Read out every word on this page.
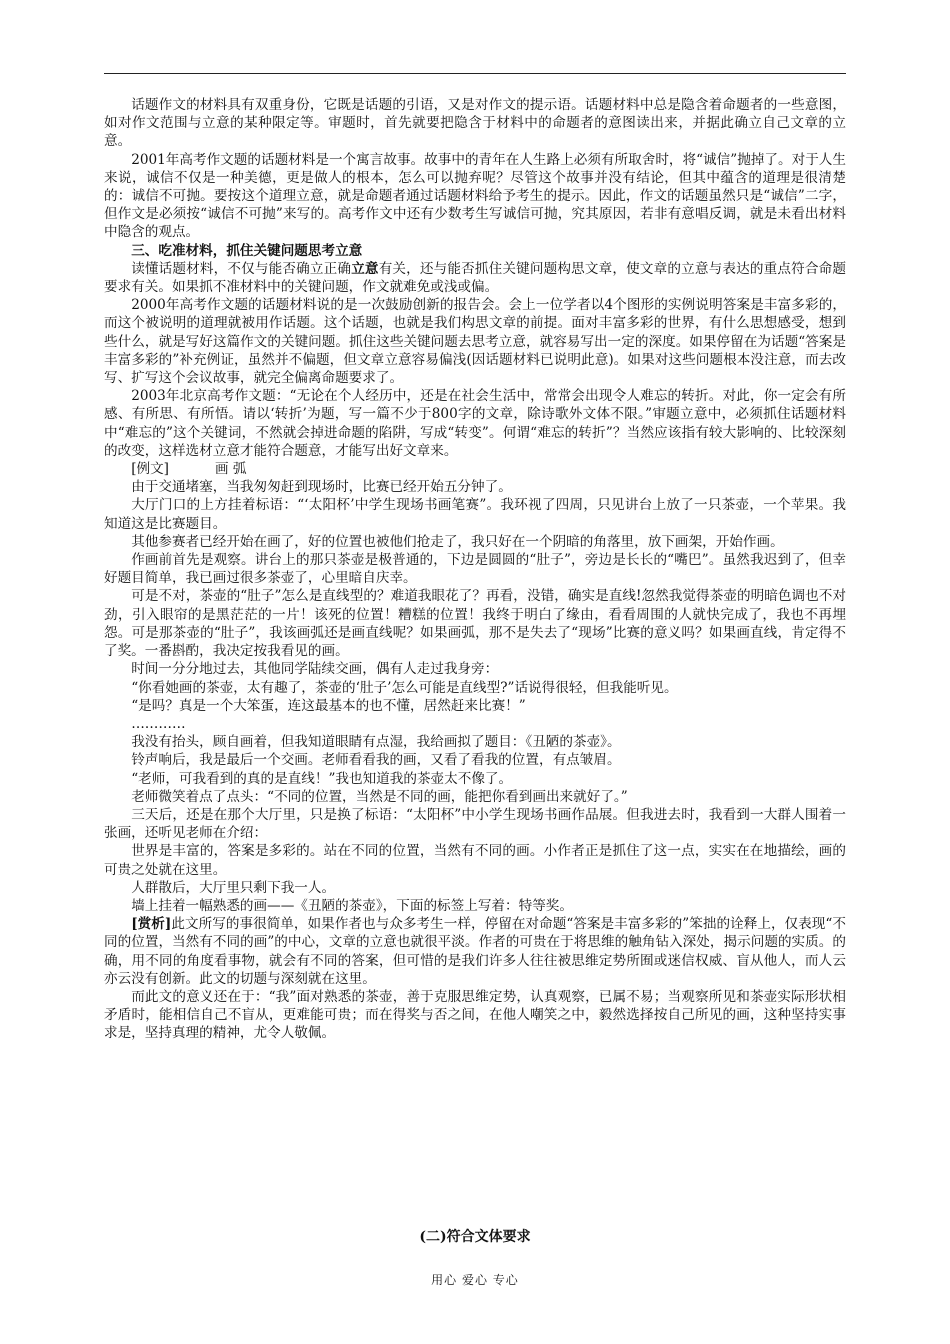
话题作文的材料具有双重身份，它既是话题的引语，又是对作文的提示语。话题材料中总是隐含着命题者的一些意图，如对作文范围与立意的某种限定等。审题时，首先就要把隐含于材料中的命题者的意图读出来，并据此确立自己文章的立意。

2001年高考作文题的话题材料是一个寓言故事。故事中的青年在人生路上必须有所取舍时，将“诚信”抛掉了。对于人生来说，诚信不仅是一种美德，更是做人的根本，怎么可以抛弃呢？尽管这个故事并没有结论，但其中蕴含的道理是很清楚的：诚信不可抛。要按这个道理立意，就是命题者通过话题材料给予考生的提示。因此，作文的话题虽然只是“诚信”二字，但作文是必须按“诚信不可抛”来写的。高考作文中还有少数考生写诚信可抛，究其原因，若非有意唱反调，就是未看出材料中隐含的观点。

三、吃准材料，抓住关键问题思考立意

读懂话题材料，不仅与能否确立正确立意有关，还与能否抓住关键问题构思文章，使文章的立意与表达的重点符合命题要求有关。如果抓不准材料中的关键问题，作文就难免或浅或偏。

2000年高考作文题的话题材料说的是一次鼓励创新的报告会。会上一位学者以4个图形的实例说明答案是丰富多彩的，而这个被说明的道理就被用作话题。这个话题，也就是我们构思文章的前提。面对丰富多彩的世界，有什么思想感受，想到些什么，就是写好这篇作文的关键问题。抓住这些关键问题去思考立意，就容易写出一定的深度。如果停留在为话题“答案是丰富多彩的”补充例证，虽然并不偏题，但文章立意容易偏浅(因话题材料已说明此意)。如果对这些问题根本没注意，而去改写、扩写这个会议故事，就完全偏离命题要求了。

2003年北京高考作文题：“无论在个人经历中，还是在社会生活中，常常会出现令人难忘的转折。对此，你一定会有所感、有所思、有所悟。请以‘转折’为题，写一篇不少于800字的文章，除诗歌外文体不限。”审题立意中，必须抓住话题材料中“难忘的”这个关键词，不然就会掉进命题的陷阱，写成“转变”。何谓“难忘的转折”？当然应该指有较大影响的、比较深刻的改变，这样选材立意才能符合题意，才能写出好文章来。

[例文]	画 弧

由于交通堵塞，当我匆匆赶到现场时，比赛已经开始五分钟了。

大厅门口的上方挂着标语：“‘太阳杯’中学生现场书画笔赛”。我环视了四周，只见讲台上放了一只茶壶，一个苹果。我知道这是比赛题目。

其他参赛者已经开始在画了，好的位置也被他们抢走了，我只好在一个阴暗的角落里，放下画架，开始作画。

作画前首先是观察。讲台上的那只茶壶是极普通的，下边是圆圆的“肚子”，旁边是长长的“嘴巴”。虽然我迟到了，但幸好题目简单，我已画过很多茶壶了，心里暗自庆幸。

可是不对，茶壶的“肚子”怎么是直线型的？难道我眼花了？再看，没错，确实是直线!忽然我觉得茶壶的明暗色调也不对劲，引入眼帘的是黑茫茫的一片！该死的位置！糟糕的位置！我终于明白了缘由，看看周围的人就快完成了，我也不再埋怨。可是那茶壶的“肚子”，我该画弧还是画直线呢？如果画弧，那不是失去了“现场”比赛的意义吗？如果画直线，肯定得不了奖。一番斟酌，我决定按我看见的画。

时间一分分地过去，其他同学陆续交画，偶有人走过我身旁：

“你看她画的茶壶，太有趣了，茶壶的‘肚子’怎么可能是直线型?”话说得很轻，但我能听见。

“是吗？真是一个大笨蛋，连这最基本的也不懂，居然赶来比赛！”

…………

我没有抬头，顾自画着，但我知道眼睛有点湿，我给画拟了题目：《丑陋的茶壶》。

铃声响后，我是最后一个交画。老师看看我的画，又看了看我的位置，有点皱眉。

“老师，可我看到的真的是直线！”我也知道我的茶壶太不像了。

老师微笑着点了点头：“不同的位置，当然是不同的画，能把你看到画出来就好了。”

三天后，还是在那个大厅里，只是换了标语：“太阳杯”中小学生现场书画作品展。但我进去时，我看到一大群人围着一张画，还听见老师在介绍：

世界是丰富的，答案是多彩的。站在不同的位置，当然有不同的画。小作者正是抓住了这一点，实实在在地描绘，画的可贵之处就在这里。

人群散后，大厅里只剩下我一人。

墙上挂着一幅熟悉的画——《丑陋的茶壶》，下面的标签上写着：特等奖。

[赏析]此文所写的事很简单，如果作者也与众多考生一样，停留在对命题“答案是丰富多彩的”笨拙的诠释上，仅表现“不同的位置，当然有不同的画”的中心，文章的立意也就很平淡。作者的可贵在于将思维的触角钻入深处，揭示问题的实质。的确，用不同的角度看事物，就会有不同的答案，但可惜的是我们许多人往往被思维定势所囿或迷信权威、盲从他人，而人云亦云没有创新。此文的切题与深刻就在这里。

而此文的意义还在于：“我”面对熟悉的茶壶，善于克服思维定势，认真观察，已属不易；当观察所见和茶壶实际形状相矛盾时，能相信自己不盲从，更难能可贵；而在得奖与否之间，在他人嘲笑之中，毅然选择按自己所见的画，这种坚持实事求是，坚持真理的精神，尤令人敬佩。

(二)符合文体要求
用心 爱心 专心
